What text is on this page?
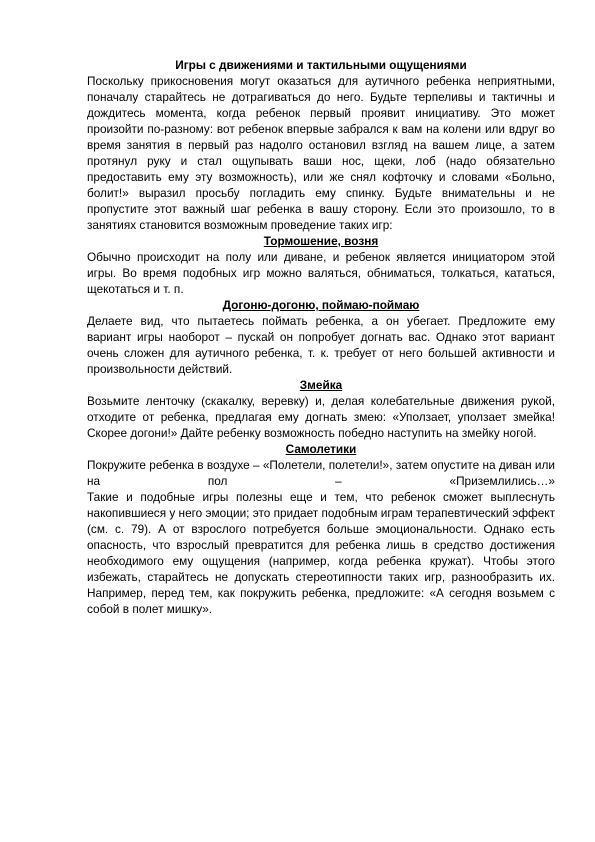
Игры с движениями и тактильными ощущениями

Поскольку прикосновения могут оказаться для аутичного ребенка неприятными, поначалу старайтесь не дотрагиваться до него. Будьте терпеливы и тактичны и дождитесь момента, когда ребенок первый проявит инициативу. Это может произойти по-разному: вот ребенок впервые забрался к вам на колени или вдруг во время занятия в первый раз надолго остановил взгляд на вашем лице, а затем протянул руку и стал ощупывать ваши нос, щеки, лоб (надо обязательно предоставить ему эту возможность), или же снял кофточку и словами «Больно, болит!» выразил просьбу погладить ему спинку. Будьте внимательны и не пропустите этот важный шаг ребенка в вашу сторону. Если это произошло, то в занятиях становится возможным проведение таких игр:

Тормошение, возня

Обычно происходит на полу или диване, и ребенок является инициатором этой игры. Во время подобных игр можно валяться, обниматься, толкаться, кататься, щекотаться и т. п.

Догоню-догоню, поймаю-поймаю

Делаете вид, что пытаетесь поймать ребенка, а он убегает. Предложите ему вариант игры наоборот – пускай он попробует догнать вас. Однако этот вариант очень сложен для аутичного ребенка, т. к. требует от него большей активности и произвольности действий.

Змейка

Возьмите ленточку (скакалку, веревку) и, делая колебательные движения рукой, отходите от ребенка, предлагая ему догнать змею: «Уползает, уползает змейка! Скорее догони!» Дайте ребенку возможность победно наступить на змейку ногой.

Самолетики

Покружите ребенка в воздухе – «Полетели, полетели!», затем опустите на диван или на пол – «Приземлились…»

Такие и подобные игры полезны еще и тем, что ребенок сможет выплеснуть накопившиеся у него эмоции; это придает подобным играм терапевтический эффект (см. с. 79). А от взрослого потребуется больше эмоциональности. Однако есть опасность, что взрослый превратится для ребенка лишь в средство достижения необходимого ему ощущения (например, когда ребенка кружат). Чтобы этого избежать, старайтесь не допускать стереотипности таких игр, разнообразить их. Например, перед тем, как покружить ребенка, предложите: «А сегодня возьмем с собой в полет мишку».
